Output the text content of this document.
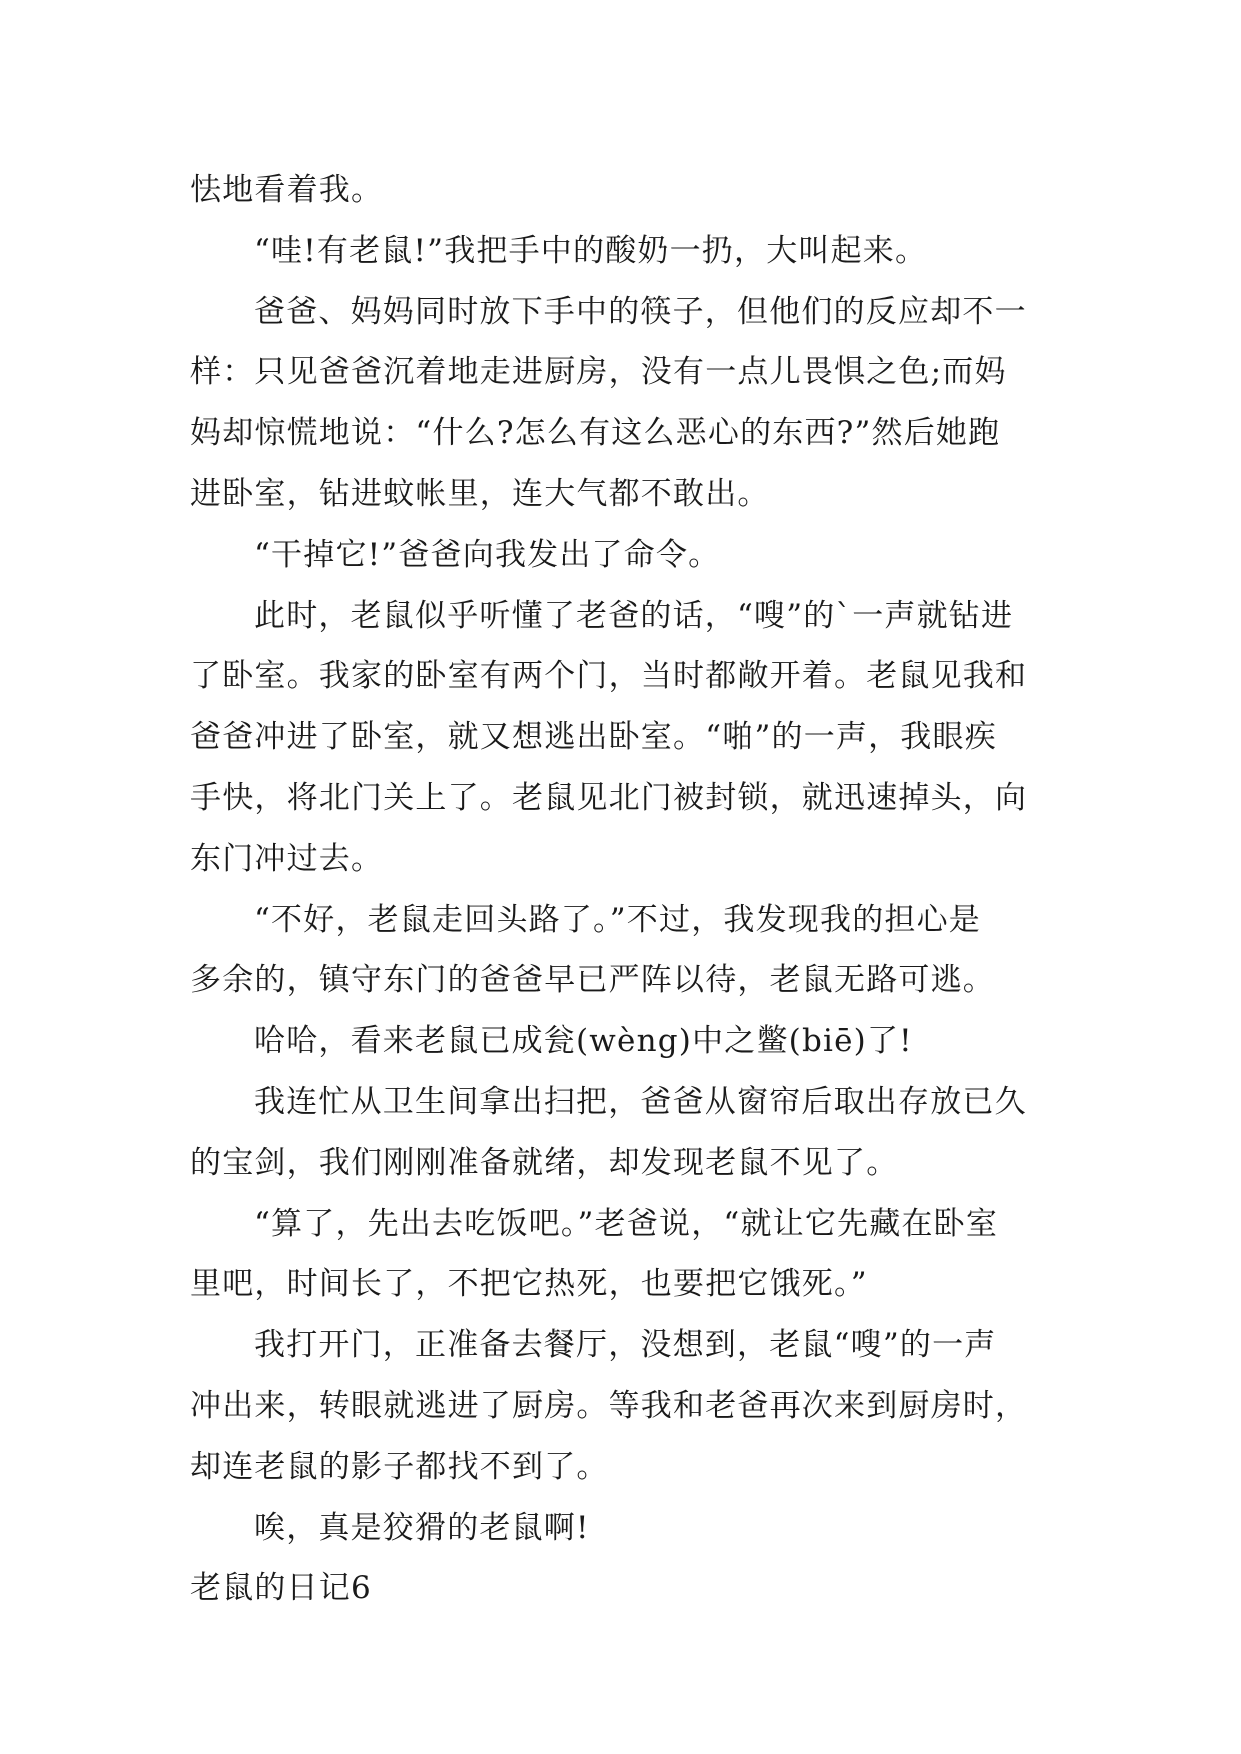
怯地看着我。
“哇!有老鼠!”我把手中的酸奶一扔，大叫起来。
爸爸、妈妈同时放下手中的筷子，但他们的反应却不一
样：只见爸爸沉着地走进厨房，没有一点儿畏惧之色;而妈
妈却惊慌地说：“什么?怎么有这么恶心的东西?”然后她跑
进卧室，钻进蚊帐里，连大气都不敢出。
“干掉它!”爸爸向我发出了命令。
此时，老鼠似乎听懂了老爸的话，“嗖”的`一声就钻进
了卧室。我家的卧室有两个门，当时都敞开着。老鼠见我和
爸爸冲进了卧室，就又想逃出卧室。“啪”的一声，我眼疾
手快，将北门关上了。老鼠见北门被封锁，就迅速掉头，向
东门冲过去。
“不好，老鼠走回头路了。”不过，我发现我的担心是
多余的，镇守东门的爸爸早已严阵以待，老鼠无路可逃。
哈哈，看来老鼠已成瓮(wèng)中之鳖(biē)了!
我连忙从卫生间拿出扫把，爸爸从窗帘后取出存放已久
的宝剑，我们刚刚准备就绪，却发现老鼠不见了。
“算了，先出去吃饭吧。”老爸说，“就让它先藏在卧室
里吧，时间长了，不把它热死，也要把它饿死。”
我打开门，正准备去餐厅，没想到，老鼠“嗖”的一声
冲出来，转眼就逃进了厨房。等我和老爸再次来到厨房时，
却连老鼠的影子都找不到了。
唉，真是狡猾的老鼠啊!
老鼠的日记6
